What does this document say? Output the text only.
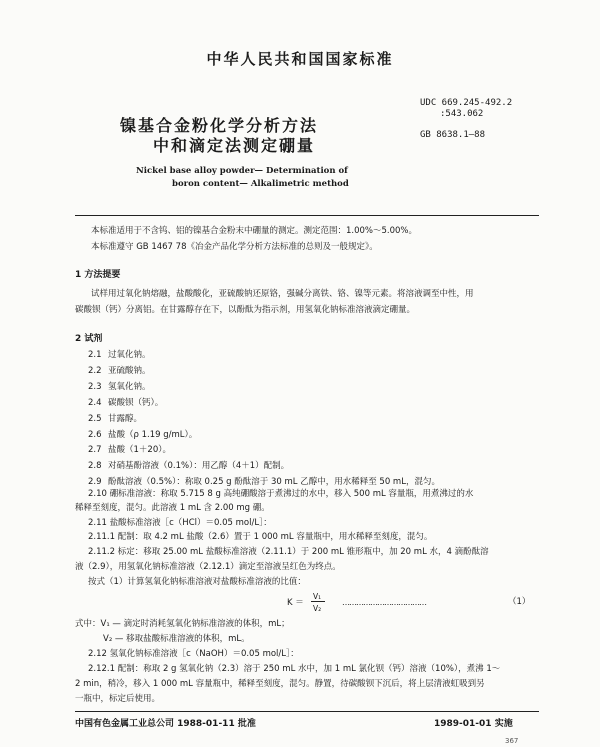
中华人民共和国国家标准
镍基合金粉化学分析方法
中和滴定法测定硼量
Nickel base alloy powder— Determination of
boron content— Alkalimetric method
UDC 669.245-492.2
:543.062
GB 8638.1—88
本标准适用于不含钨、铝的镍基合金粉末中硼量的测定。测定范围：1.00%～5.00%。
本标准遵守 GB 1467 78《冶金产品化学分析方法标准的总则及一般规定》。
1 方法提要
试样用过氧化钠熔融，盐酸酸化，亚硫酸钠还原铬，强碱分离铁、铬、镍等元素。将溶液调至中性，用
碳酸钡（钙）分离铝。在甘露醇存在下，以酚酞为指示剂，用氢氧化钠标准溶液滴定硼量。
2 试剂
2.1 过氧化钠。
2.2 亚硫酸钠。
2.3 氢氧化钠。
2.4 碳酸钡（钙）。
2.5 甘露醇。
2.6 盐酸（ρ 1.19 g/mL）。
2.7 盐酸（1＋20）。
2.8 对硝基酚溶液（0.1%）：用乙醇（4＋1）配制。
2.9 酚酞溶液（0.5%）：称取 0.25 g 酚酞溶于 30 mL 乙醇中，用水稀释至 50 mL，混匀。
2.10 硼标准溶液：称取 5.715 8 g 高纯硼酸溶于煮沸过的水中，移入 500 mL 容量瓶，用煮沸过的水
稀释至刻度，混匀。此溶液 1 mL 含 2.00 mg 硼。
2.11 盐酸标准溶液［c（HCl）＝0.05 mol/L］：
2.11.1 配制：取 4.2 mL 盐酸（2.6）置于 1 000 mL 容量瓶中，用水稀释至刻度，混匀。
2.11.2 标定：移取 25.00 mL 盐酸标准溶液（2.11.1）于 200 mL 锥形瓶中，加 20 mL 水，4 滴酚酞溶
液（2.9），用氢氧化钠标准溶液（2.12.1）滴定至溶液呈红色为终点。
按式（1）计算氢氧化钠标准溶液对盐酸标准溶液的比值：
K ＝
V₁
V₂
………………………………	（1）
式中：V₁ — 滴定时消耗氢氧化钠标准溶液的体积，mL；
V₂ — 移取盐酸标准溶液的体积，mL。
2.12 氢氧化钠标准溶液［c（NaOH）＝0.05 mol/L］：
2.12.1 配制：称取 2 g 氢氧化钠（2.3）溶于 250 mL 水中，加 1 mL 氯化钡（钙）溶液（10%），煮沸 1～
2 min，稍冷，移入 1 000 mL 容量瓶中，稀释至刻度，混匀。静置，待碳酸钡下沉后，将上层清液虹吸到另
一瓶中，标定后使用。
中国有色金属工业总公司 1988-01-11 批准	1989-01-01 实施
367
